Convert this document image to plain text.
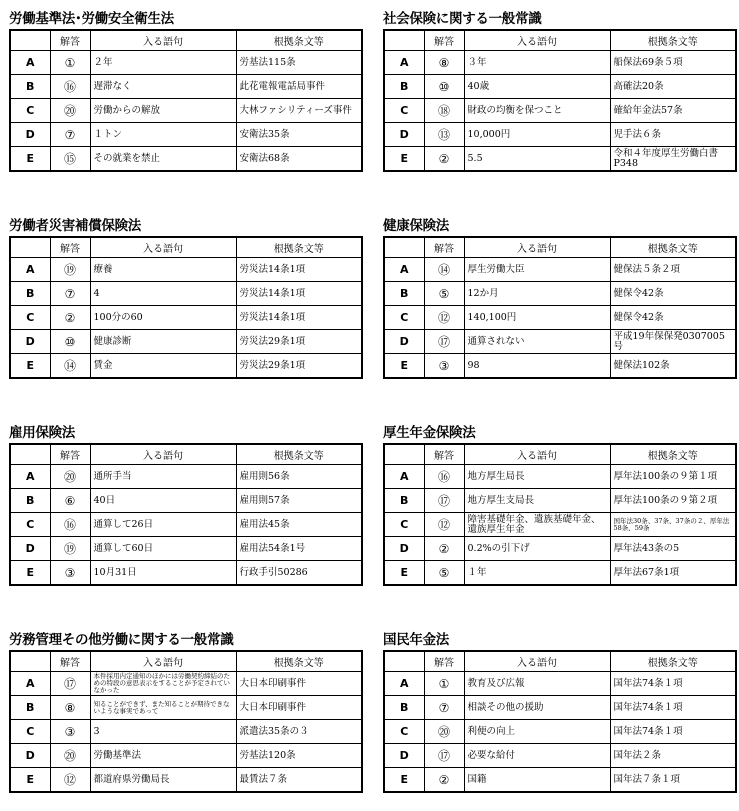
労働基準法･労働安全衛生法
	解答	入る語句	根拠条文等
A	①	２年	労基法115条
B	⑯	遅滞なく	此花電報電話局事件
C	⑳	労働からの解放	大林ファシリティーズ事件
D	⑦	１トン	安衛法35条
E	⑮	その就業を禁止	安衛法68条
社会保険に関する一般常識
	解答	入る語句	根拠条文等
A	⑧	３年	船保法69条５項
B	⑩	40歳	高確法20条
C	⑱	財政の均衡を保つこと	確給年金法57条
D	⑬	10,000円	児手法６条
E	②	5.5	令和４年度厚生労働白書P348
労働者災害補償保険法
	解答	入る語句	根拠条文等
A	⑲	療養	労災法14条1項
B	⑦	4	労災法14条1項
C	②	100分の60	労災法14条1項
D	⑩	健康診断	労災法29条1項
E	⑭	賃金	労災法29条1項
健康保険法
	解答	入る語句	根拠条文等
A	⑭	厚生労働大臣	健保法５条２項
B	⑤	12か月	健保令42条
C	⑫	140,100円	健保令42条
D	⑰	通算されない	平成19年保保発0307005号
E	③	98	健保法102条
雇用保険法
	解答	入る語句	根拠条文等
A	⑳	通所手当	雇用則56条
B	⑥	40日	雇用則57条
C	⑯	通算して26日	雇用法45条
D	⑲	通算して60日	雇用法54条1号
E	③	10月31日	行政手引50286
厚生年金保険法
	解答	入る語句	根拠条文等
A	⑯	地方厚生局長	厚年法100条の９第１項
B	⑰	地方厚生支局長	厚年法100条の９第２項
C	⑫	障害基礎年金、遺族基礎年金、遺族厚生年金	国年法30条、37条、37条の２、厚年法58条、59条
D	②	0.2%の引下げ	厚年法43条の5
E	⑤	１年	厚年法67条1項
労務管理その他労働に関する一般常識
	解答	入る語句	根拠条文等
A	⑰	本件採用内定通知のほかには労働契約締結のための特段の意思表示をすることが予定されていなかった	大日本印刷事件
B	⑧	知ることができず、また知ることが期待できないような事実であって	大日本印刷事件
C	③	3	派遣法35条の３
D	⑳	労働基準法	労基法120条
E	⑫	都道府県労働局長	最賃法７条
国民年金法
	解答	入る語句	根拠条文等
A	①	教育及び広報	国年法74条１項
B	⑦	相談その他の援助	国年法74条１項
C	⑳	利便の向上	国年法74条１項
D	⑰	必要な給付	国年法２条
E	②	国籍	国年法７条１項
